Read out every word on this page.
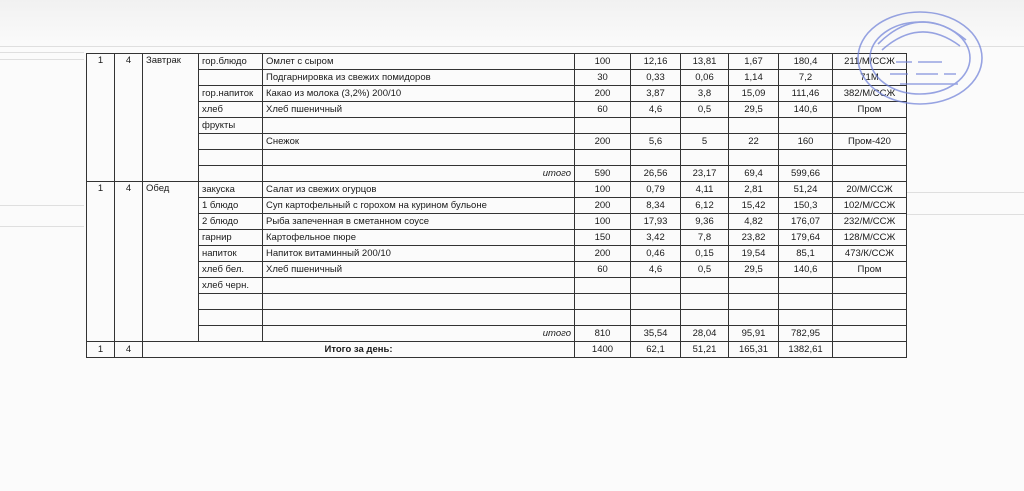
1	4	Завтрак	гор.блюдо	Омлет с сыром	100	12,16	13,81	1,67	180,4	211/М/ССЖ
				Подгарнировка из свежих помидоров	30	0,33	0,06	1,14	7,2	71М
			гор.напиток	Какао из молока (3,2%) 200/10	200	3,87	3,8	15,09	111,46	382/М/ССЖ
			хлеб	Хлеб пшеничный	60	4,6	0,5	29,5	140,6	Пром
			фрукты							
				Снежок	200	5,6	5	22	160	Пром-420

				итого	590	26,56	23,17	69,4	599,66	
1	4	Обед	закуска	Салат из свежих огурцов	100	0,79	4,11	2,81	51,24	20/М/ССЖ
			1 блюдо	Суп картофельный с горохом на курином бульоне	200	8,34	6,12	15,42	150,3	102/М/ССЖ
			2 блюдо	Рыба запеченная в сметанном соусе	100	17,93	9,36	4,82	176,07	232/М/ССЖ
			гарнир	Картофельное пюре	150	3,42	7,8	23,82	179,64	128/М/ССЖ
			напиток	Напиток витаминный 200/10	200	0,46	0,15	19,54	85,1	473/К/ССЖ
			хлеб бел.	Хлеб пшеничный	60	4,6	0,5	29,5	140,6	Пром
			хлеб черн.							

				итого	810	35,54	28,04	95,91	782,95	
1	4	Итого за день:			1400	62,1	51,21	165,31	1382,61	
